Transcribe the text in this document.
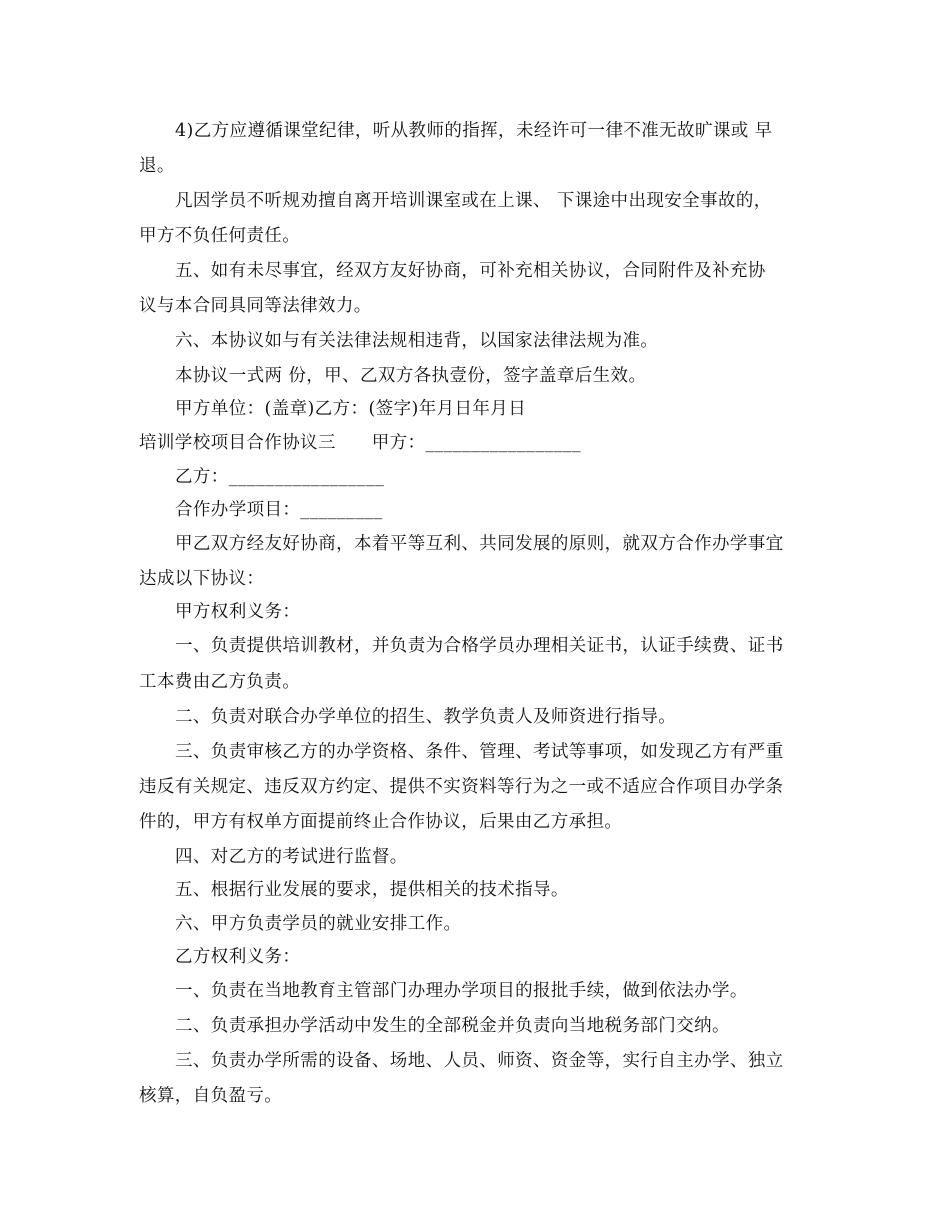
4)乙方应遵循课堂纪律，听从教师的指挥，未经许可一律不准无故旷课或 早
退。
凡因学员不听规劝擅自离开培训课室或在上课、 下课途中出现安全事故的，
甲方不负任何责任。
五、如有未尽事宜，经双方友好协商，可补充相关协议，合同附件及补充协
议与本合同具同等法律效力。
六、本协议如与有关法律法规相违背，以国家法律法规为准。
本协议一式两 份，甲、乙双方各执壹份，签字盖章后生效。
甲方单位：(盖章)乙方：(签字)年月日年月日
培训学校项目合作协议三　　甲方：_________________
乙方：_________________
合作办学项目：_________
甲乙双方经友好协商，本着平等互利、共同发展的原则，就双方合作办学事宜
达成以下协议：
甲方权利义务：
一、负责提供培训教材，并负责为合格学员办理相关证书，认证手续费、证书
工本费由乙方负责。
二、负责对联合办学单位的招生、教学负责人及师资进行指导。
三、负责审核乙方的办学资格、条件、管理、考试等事项，如发现乙方有严重
违反有关规定、违反双方约定、提供不实资料等行为之一或不适应合作项目办学条
件的，甲方有权单方面提前终止合作协议，后果由乙方承担。
四、对乙方的考试进行监督。
五、根据行业发展的要求，提供相关的技术指导。
六、甲方负责学员的就业安排工作。
乙方权利义务：
一、负责在当地教育主管部门办理办学项目的报批手续，做到依法办学。
二、负责承担办学活动中发生的全部税金并负责向当地税务部门交纳。
三、负责办学所需的设备、场地、人员、师资、资金等，实行自主办学、独立
核算，自负盈亏。
